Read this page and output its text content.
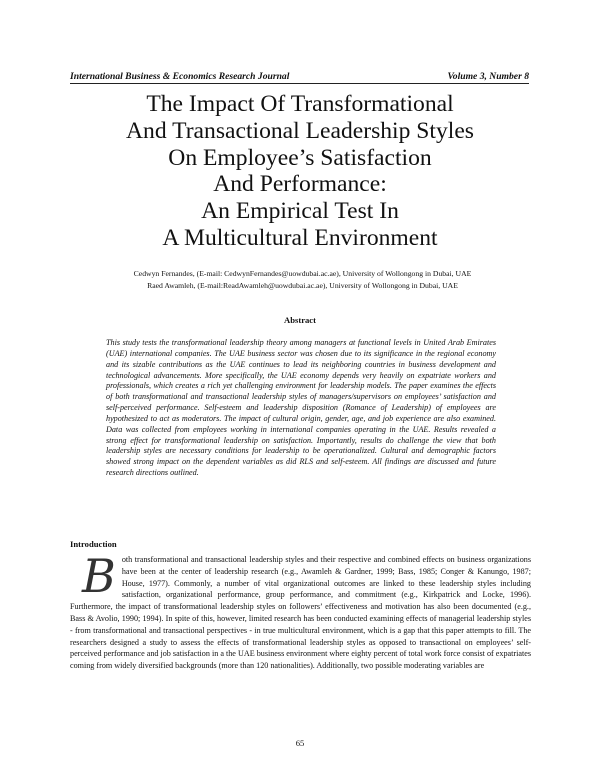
International Business & Economics Research Journal	Volume 3, Number 8
The Impact Of Transformational
And Transactional Leadership Styles
On Employee’s Satisfaction
And Performance:
An Empirical Test In
A Multicultural Environment
Cedwyn Fernandes, (E-mail: CedwynFernandes@uowdubai.ac.ae), University of Wollongong in Dubai, UAE
Raed Awamleh, (E-mail:ReadAwamleh@uowdubai.ac.ae), University of Wollongong in Dubai, UAE
Abstract

This study tests the transformational leadership theory among managers at functional levels in United Arab Emirates (UAE) international companies. The UAE business sector was chosen due to its significance in the regional economy and its sizable contributions as the UAE continues to lead its neighboring countries in business development and technological advancements. More specifically, the UAE economy depends very heavily on expatriate workers and professionals, which creates a rich yet challenging environment for leadership models. The paper examines the effects of both transformational and transactional leadership styles of managers/supervisors on employees’ satisfaction and self-perceived performance. Self-esteem and leadership disposition (Romance of Leadership) of employees are hypothesized to act as moderators. The impact of cultural origin, gender, age, and job experience are also examined. Data was collected from employees working in international companies operating in the UAE. Results revealed a strong effect for transformational leadership on satisfaction. Importantly, results do challenge the view that both leadership styles are necessary conditions for leadership to be operationalized. Cultural and demographic factors showed strong impact on the dependent variables as did RLS and self-esteem. All findings are discussed and future research directions outlined.

Introduction

Both transformational and transactional leadership styles and their respective and combined effects on business organizations have been at the center of leadership research (e.g., Awamleh & Gardner, 1999; Bass, 1985; Conger & Kanungo, 1987; House, 1977). Commonly, a number of vital organizational outcomes are linked to these leadership styles including satisfaction, organizational performance, group performance, and commitment (e.g., Kirkpatrick and Locke, 1996). Furthermore, the impact of transformational leadership styles on followers’ effectiveness and motivation has also been documented (e.g., Bass & Avolio, 1990; 1994). In spite of this, however, limited research has been conducted examining effects of managerial leadership styles - from transformational and transactional perspectives - in true multicultural environment, which is a gap that this paper attempts to fill. The researchers designed a study to assess the effects of transformational leadership styles as opposed to transactional on employees’ self-perceived performance and job satisfaction in a the UAE business environment where eighty percent of total work force consist of expatriates coming from widely diversified backgrounds (more than 120 nationalities). Additionally, two possible moderating variables are

65
